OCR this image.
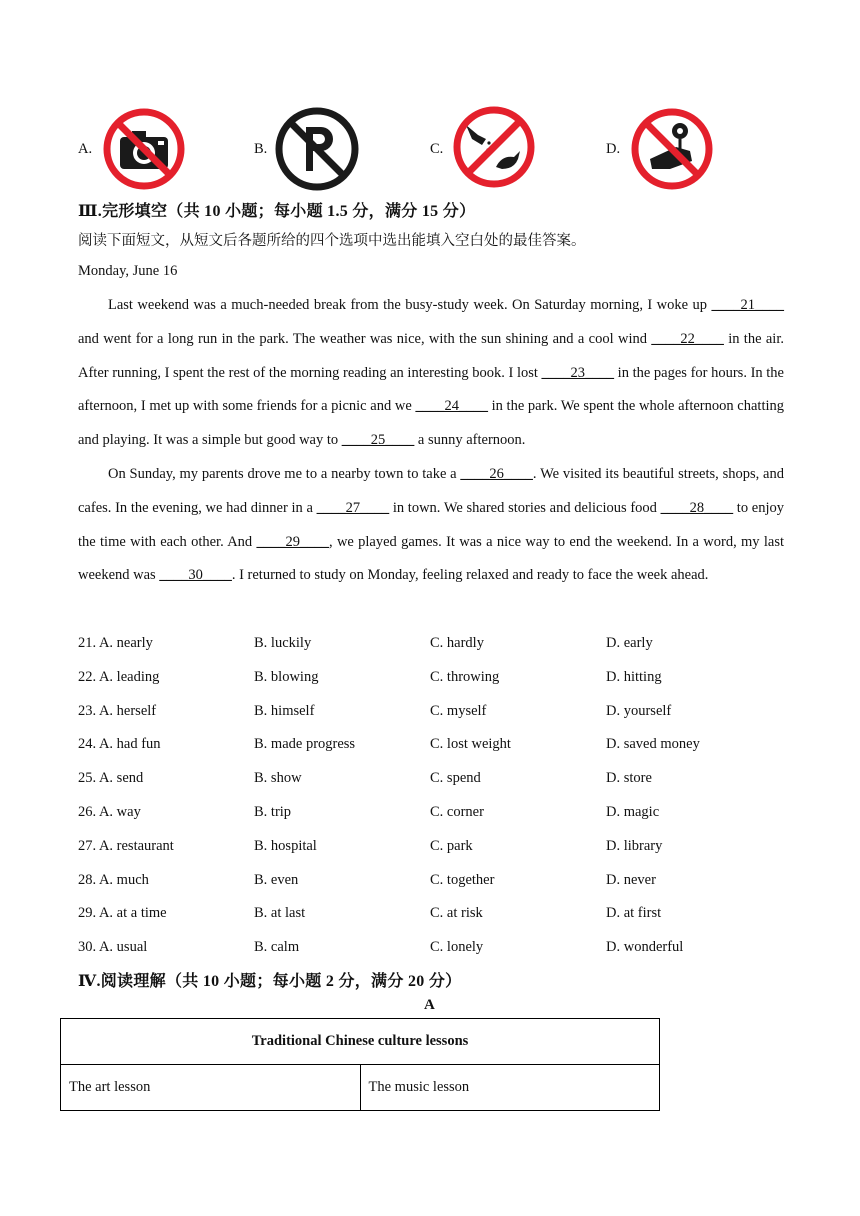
A.	B.	C.	D.
Ⅲ.完形填空（共 10 小题；每小题 1.5 分，满分 15 分）
阅读下面短文，从短文后各题所给的四个选项中选出能填入空白处的最佳答案。
Monday, June 16
Last weekend was a much-needed break from the busy-study week. On Saturday morning, I woke up ____21____ and went for a long run in the park. The weather was nice, with the sun shining and a cool wind ____22____ in the air. After running, I spent the rest of the morning reading an interesting book. I lost ____23____ in the pages for hours. In the afternoon, I met up with some friends for a picnic and we ____24____ in the park. We spent the whole afternoon chatting and playing. It was a simple but good way to ____25____ a sunny afternoon.
On Sunday, my parents drove me to a nearby town to take a ____26____. We visited its beautiful streets, shops, and cafes. In the evening, we had dinner in a ____27____ in town. We shared stories and delicious food ____28____ to enjoy the time with each other. And ____29____, we played games. It was a nice way to end the weekend. In a word, my last weekend was ____30____. I returned to study on Monday, feeling relaxed and ready to face the week ahead.
21. A. nearly	B. luckily	C. hardly	D. early
22. A. leading	B. blowing	C. throwing	D. hitting
23. A. herself	B. himself	C. myself	D. yourself
24. A. had fun	B. made progress	C. lost weight	D. saved money
25. A. send	B. show	C. spend	D. store
26. A. way	B. trip	C. corner	D. magic
27. A. restaurant	B. hospital	C. park	D. library
28. A. much	B. even	C. together	D. never
29. A. at a time	B. at last	C. at risk	D. at first
30. A. usual	B. calm	C. lonely	D. wonderful
Ⅳ.阅读理解（共 10 小题；每小题 2 分，满分 20 分）
A
Traditional Chinese culture lessons
The art lesson	The music lesson
